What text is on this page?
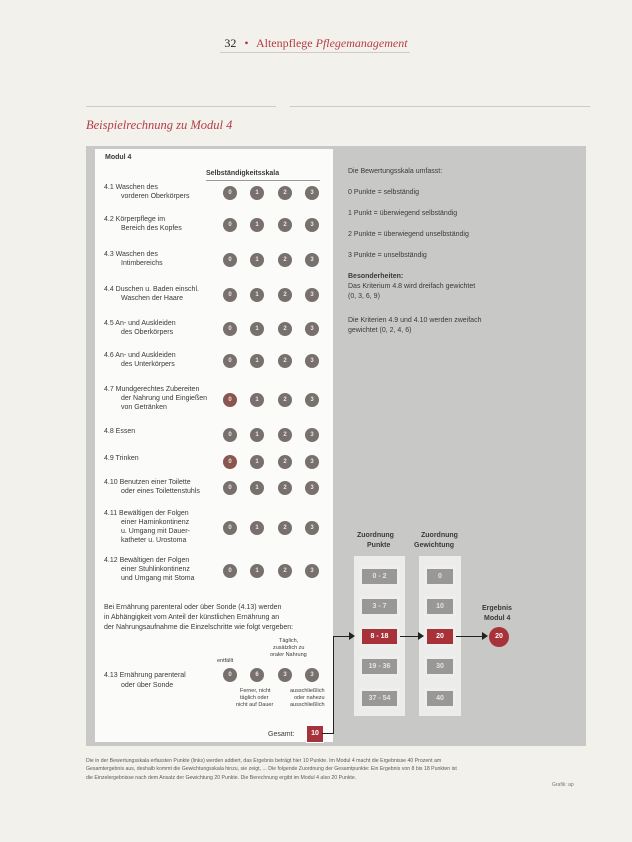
32 • Altenpflege Pflegemanagement
Beispielrechnung zu Modul 4
Modul 4
Selbständigkeitsskala
4.1 Waschen des
vorderen Oberkörpers	0	1	2	3
4.2 Körperpflege im
Bereich des Kopfes	0	1	2	3
4.3 Waschen des
Intimbereichs	0	1	2	3
4.4 Duschen u. Baden einschl.
Waschen der Haare	0	1	2	3
4.5 An- und Auskleiden
des Oberkörpers	0	1	2	3
4.6 An- und Auskleiden
des Unterkörpers	0	1	2	3
4.7 Mundgerechtes Zubereiten
der Nahrung und Eingießen
von Getränken
0	1	2	3
4.8 Essen	0	1	2	3
4.9 Trinken	0	1	2	3
4.10 Benutzen einer Toilette
oder eines Toilettenstuhls	0	1	2	3
4.11 Bewältigen der Folgen
einer Harninkontinenz
u. Umgang mit Dauer-
katheter u. Urostoma
0	1	2	3
4.12 Bewältigen der Folgen
einer Stuhlinkontinenz
und Umgang mit Stoma
0	1	2	3
Bei Ernährung parenteral oder über Sonde (4.13) werden
in Abhängigkeit vom Anteil der künstlichen Ernährung an
der Nahrungsaufnahme die Einzelschritte wie folgt vergeben:
entfällt
Täglich,
zusätzlich zu
oraler Nahrung
4.13 Ernährung parenteral
oder über Sonde
0	6	3	3
Ferner, nicht
täglich oder
nicht auf Dauer
ausschließlich
oder nahezu
ausschließlich
Gesamt:	10
Die Bewertungsskala umfasst:
0 Punkte = selbständig
1 Punkt = überwiegend selbständig
2 Punkte = überwiegend unselbständig
3 Punkte = unselbständig
Besonderheiten:
Das Kriterium 4.8 wird dreifach gewichtet
(0, 3, 6, 9)
Die Kriterien 4.9 und 4.10 werden zweifach
gewichtet (0, 2, 4, 6)
Zuordnung
Punkte
Zuordnung
Gewichtung
0 - 2	0
3 - 7	10
8 - 18	20
19 - 36	30
37 - 54	40
Ergebnis
Modul 4
20
Die in der Bewertungsskala erfassten Punkte (links) werden addiert, das Ergebnis beträgt hier 10 Punkte. Im Modul 4 macht die Ergebnisse 40 Prozent am
Gesamtergebnis aus, deshalb kommt die Gewichtungsskala hinzu, sie zeigt, ... Die folgende Zuordnung der Gesamtpunkte: Ein Ergebnis von 8 bis 18 Punkten ist
die Einzelergebnisse nach dem Ansatz der Gewichtung 20 Punkte. Die Berechnung ergibt im Modul 4 also 20 Punkte.
Grafik: ap
